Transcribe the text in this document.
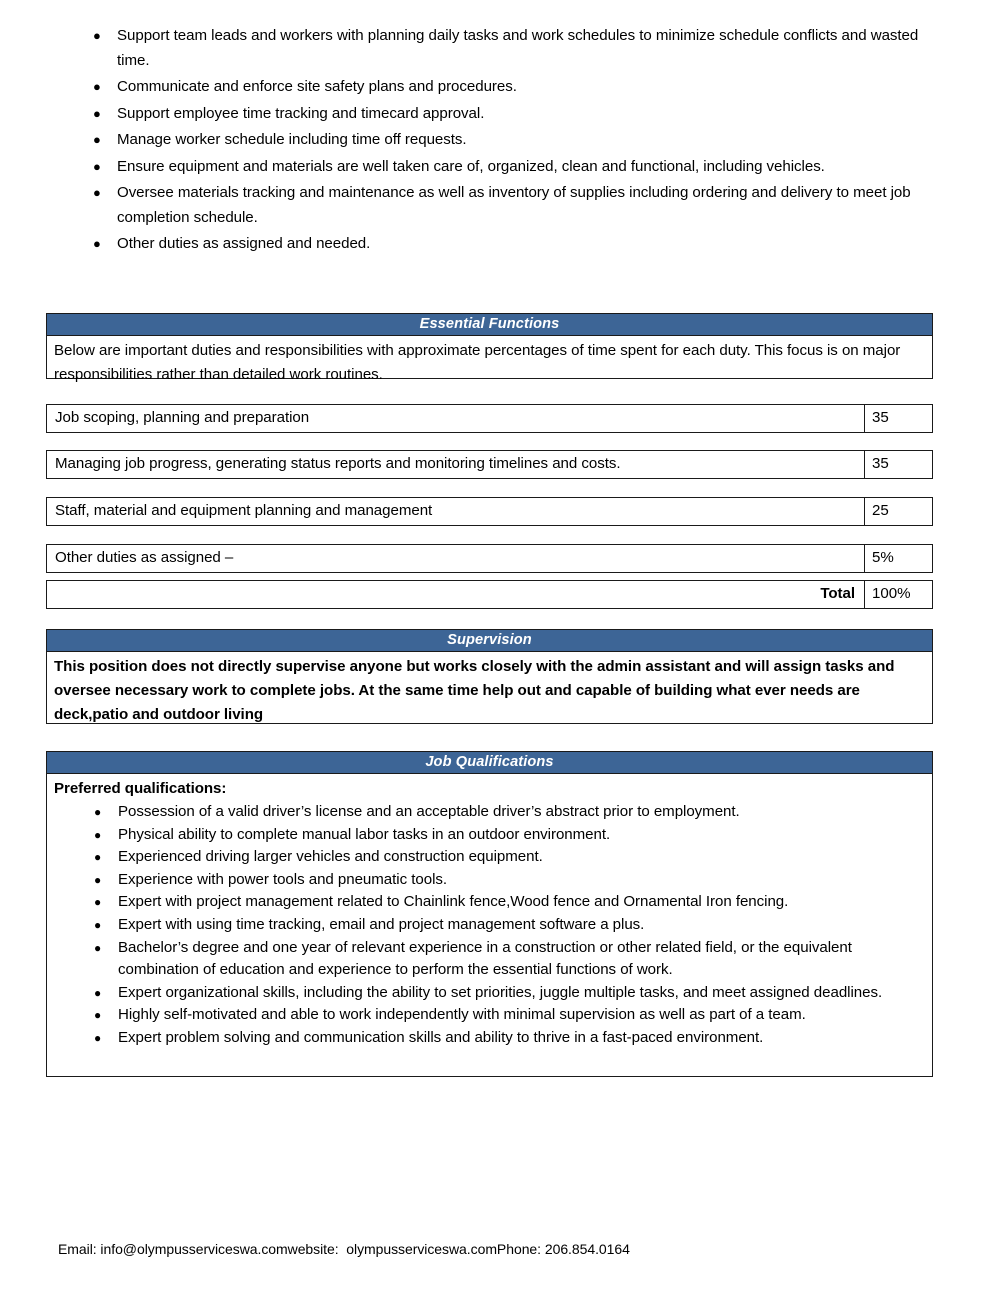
●	Support team leads and workers with planning daily tasks and work schedules to minimize schedule conflicts and wasted time.
●	Communicate and enforce site safety plans and procedures.
●	Support employee time tracking and timecard approval.
●	Manage worker schedule including time off requests.
●	Ensure equipment and materials are well taken care of, organized, clean and functional, including vehicles.
●	Oversee materials tracking and maintenance as well as inventory of supplies including ordering and delivery to meet job completion schedule.
●	Other duties as assigned and needed.
Essential Functions

Below are important duties and responsibilities with approximate percentages of time spent for each duty. This focus is on major responsibilities rather than detailed work routines.

Job scoping, planning and preparation	35
Managing job progress, generating status reports and monitoring timelines and costs.	35
Staff, material and equipment planning and management	25
Other duties as assigned –	5%
Total	100%
Supervision

This position does not directly supervise anyone but works closely with the admin assistant and will assign tasks and oversee necessary work to complete jobs. At the same time help out and capable of building what ever needs are deck,patio and outdoor living

Job Qualifications

Preferred qualifications:

●	Possession of a valid driver’s license and an acceptable driver’s abstract prior to employment.
●	Physical ability to complete manual labor tasks in an outdoor environment.
●	Experienced driving larger vehicles and construction equipment.
●	Experience with power tools and pneumatic tools.
●	Expert with project management related to Chainlink fence,Wood fence and Ornamental Iron fencing.
●	Expert with using time tracking, email and project management software a plus.
●	Bachelor’s degree and one year of relevant experience in a construction or other related field, or the equivalent combination of education and experience to perform the essential functions of work.
●	Expert organizational skills, including the ability to set priorities, juggle multiple tasks, and meet assigned deadlines.
●	Highly self-motivated and able to work independently with minimal supervision as well as part of a team.
●	Expert problem solving and communication skills and ability to thrive in a fast-paced environment.
Email: info@olympusserviceswa.comwebsite:  olympusserviceswa.comPhone: 206.854.0164
